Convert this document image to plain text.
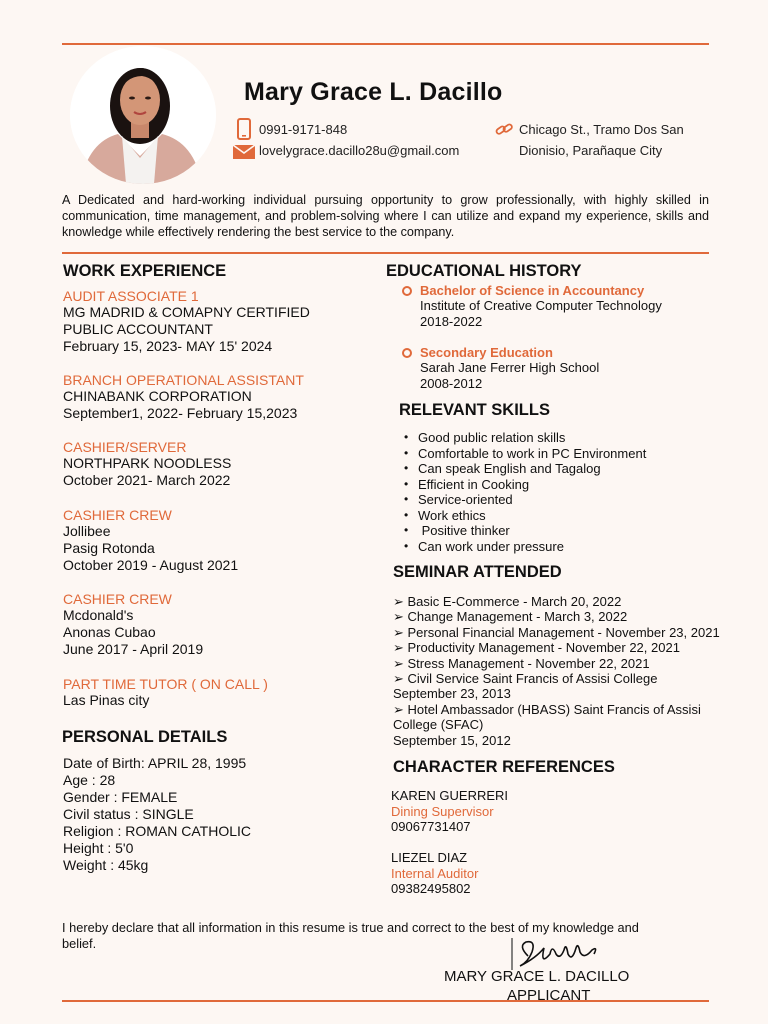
Mary Grace L. Dacillo
0991-9171-848
lovelygrace.dacillo28u@gmail.com
Chicago St., Tramo Dos San
Dionisio, Parañaque City
A Dedicated and hard-working individual pursuing opportunity to grow professionally, with highly skilled in communication, time management, and problem-solving where I can utilize and expand my experience, skills and knowledge while effectively rendering the best service to the company.
WORK EXPERIENCE
AUDIT ASSOCIATE 1
MG MADRID & COMAPNY CERTIFIED
PUBLIC ACCOUNTANT
February 15, 2023- MAY 15' 2024
BRANCH OPERATIONAL ASSISTANT
CHINABANK CORPORATION
September1, 2022- February 15,2023
CASHIER/SERVER
NORTHPARK NOODLESS
October 2021- March 2022
CASHIER CREW
Jollibee
Pasig Rotonda
October 2019 - August 2021
CASHIER CREW
Mcdonald's
Anonas Cubao
June 2017 - April 2019
PART TIME TUTOR ( ON CALL )
Las Pinas city
PERSONAL DETAILS
Date of Birth: APRIL 28, 1995
Age : 28
Gender : FEMALE
Civil status : SINGLE
Religion : ROMAN CATHOLIC
Height : 5'0
Weight : 45kg
EDUCATIONAL HISTORY
Bachelor of Science in Accountancy
Institute of Creative Computer Technology
2018-2022
Secondary Education
Sarah Jane Ferrer High School
2008-2012
RELEVANT SKILLS
• Good public relation skills
• Comfortable to work in PC Environment
• Can speak English and Tagalog
• Efficient in Cooking
• Service-oriented
• Work ethics
•  Positive thinker
• Can work under pressure
SEMINAR ATTENDED
➢ Basic E-Commerce - March 20, 2022
➢ Change Management - March 3, 2022
➢ Personal Financial Management - November 23, 2021
➢ Productivity Management - November 22, 2021
➢ Stress Management - November 22, 2021
➢ Civil Service Saint Francis of Assisi College
September 23, 2013
➢ Hotel Ambassador (HBASS) Saint Francis of Assisi
College (SFAC)
September 15, 2012
CHARACTER REFERENCES
KAREN GUERRERI
Dining Supervisor
09067731407
LIEZEL DIAZ
Internal Auditor
09382495802
I hereby declare that all information in this resume is true and correct to the best of my knowledge and belief.
MARY GRACE L. DACILLO
APPLICANT
